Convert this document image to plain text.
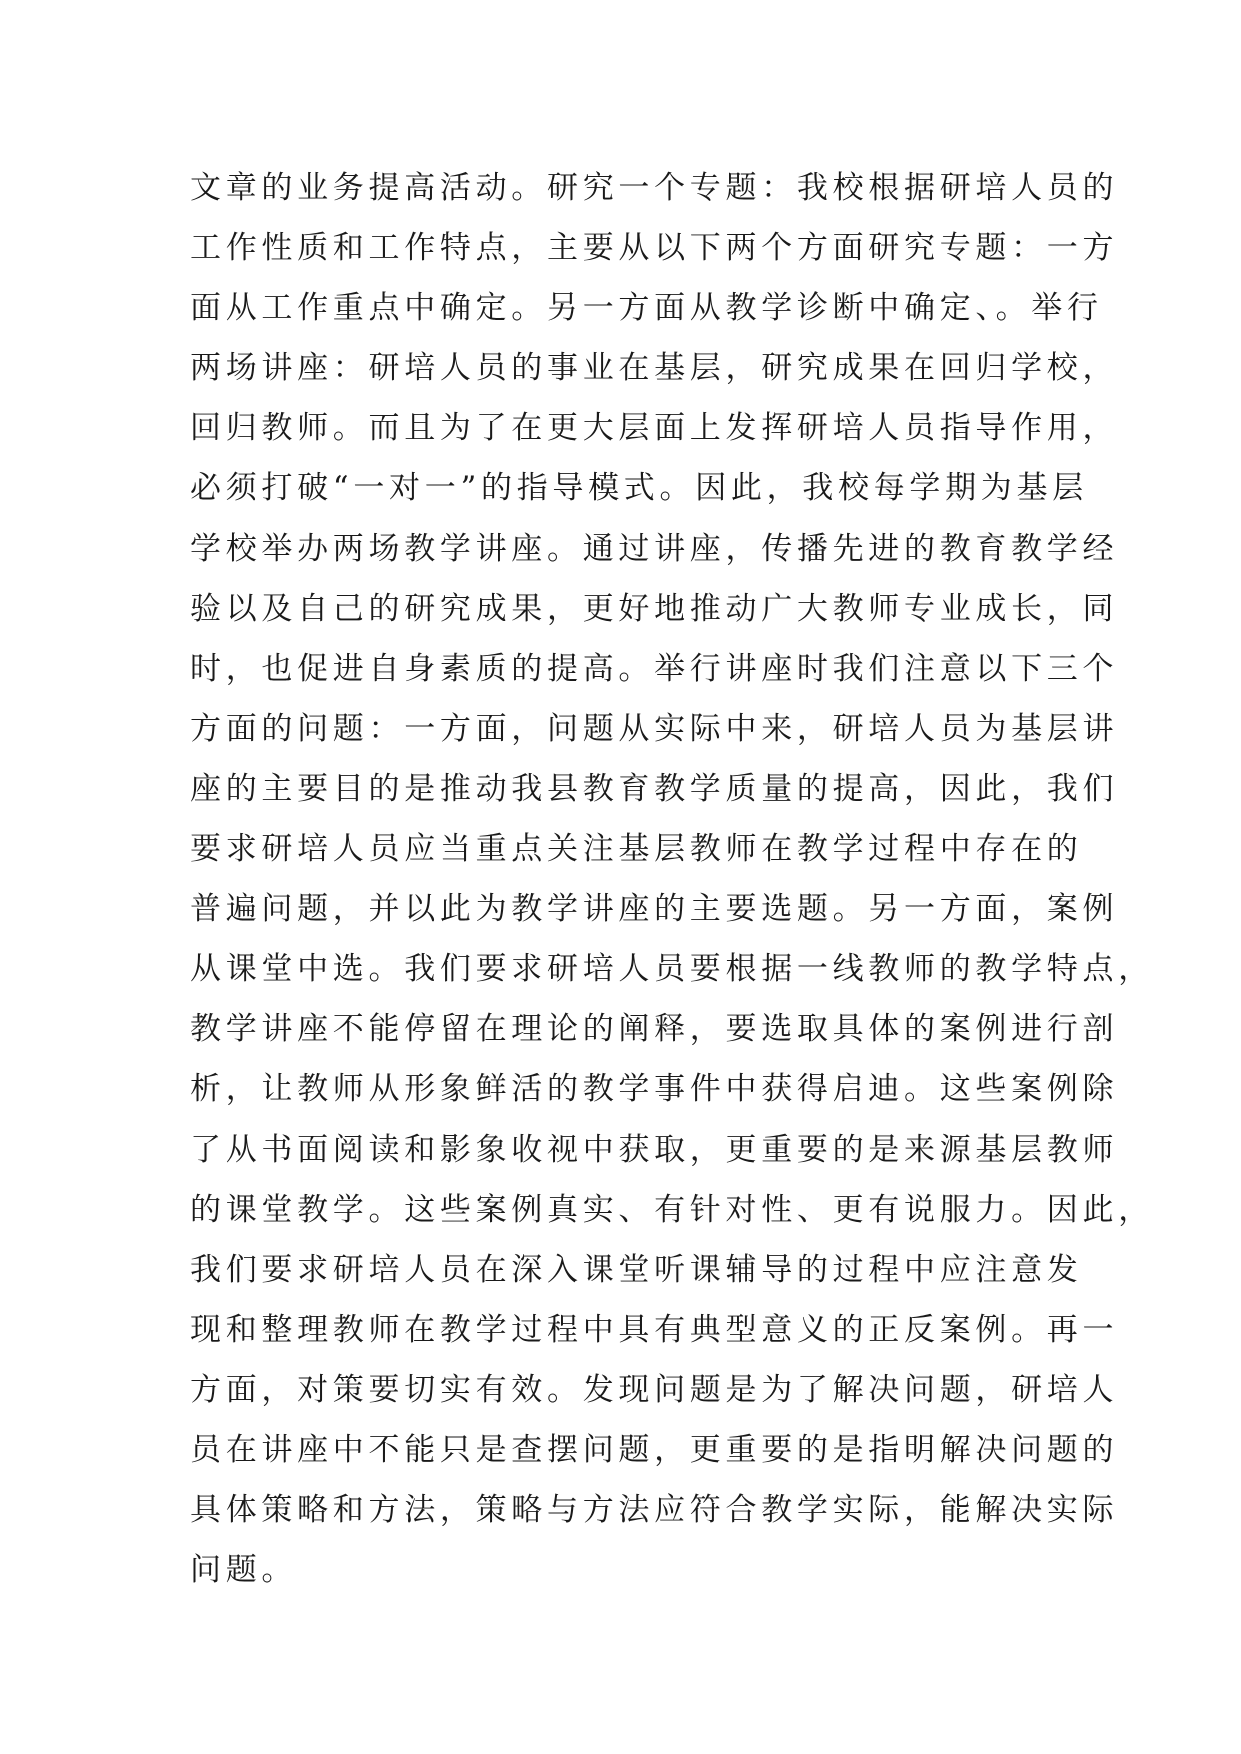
文章的业务提高活动。研究一个专题：我校根据研培人员的
工作性质和工作特点，主要从以下两个方面研究专题：一方
面从工作重点中确定。另一方面从教学诊断中确定、。举行
两场讲座：研培人员的事业在基层，研究成果在回归学校，
回归教师。而且为了在更大层面上发挥研培人员指导作用，
必须打破“一对一”的指导模式。因此，我校每学期为基层
学校举办两场教学讲座。通过讲座，传播先进的教育教学经
验以及自己的研究成果，更好地推动广大教师专业成长，同
时，也促进自身素质的提高。举行讲座时我们注意以下三个
方面的问题：一方面，问题从实际中来，研培人员为基层讲
座的主要目的是推动我县教育教学质量的提高，因此，我们
要求研培人员应当重点关注基层教师在教学过程中存在的
普遍问题，并以此为教学讲座的主要选题。另一方面，案例
从课堂中选。我们要求研培人员要根据一线教师的教学特点，
教学讲座不能停留在理论的阐释，要选取具体的案例进行剖
析，让教师从形象鲜活的教学事件中获得启迪。这些案例除
了从书面阅读和影象收视中获取，更重要的是来源基层教师
的课堂教学。这些案例真实、有针对性、更有说服力。因此，
我们要求研培人员在深入课堂听课辅导的过程中应注意发
现和整理教师在教学过程中具有典型意义的正反案例。再一
方面，对策要切实有效。发现问题是为了解决问题，研培人
员在讲座中不能只是查摆问题，更重要的是指明解决问题的
具体策略和方法，策略与方法应符合教学实际，能解决实际
问题。
